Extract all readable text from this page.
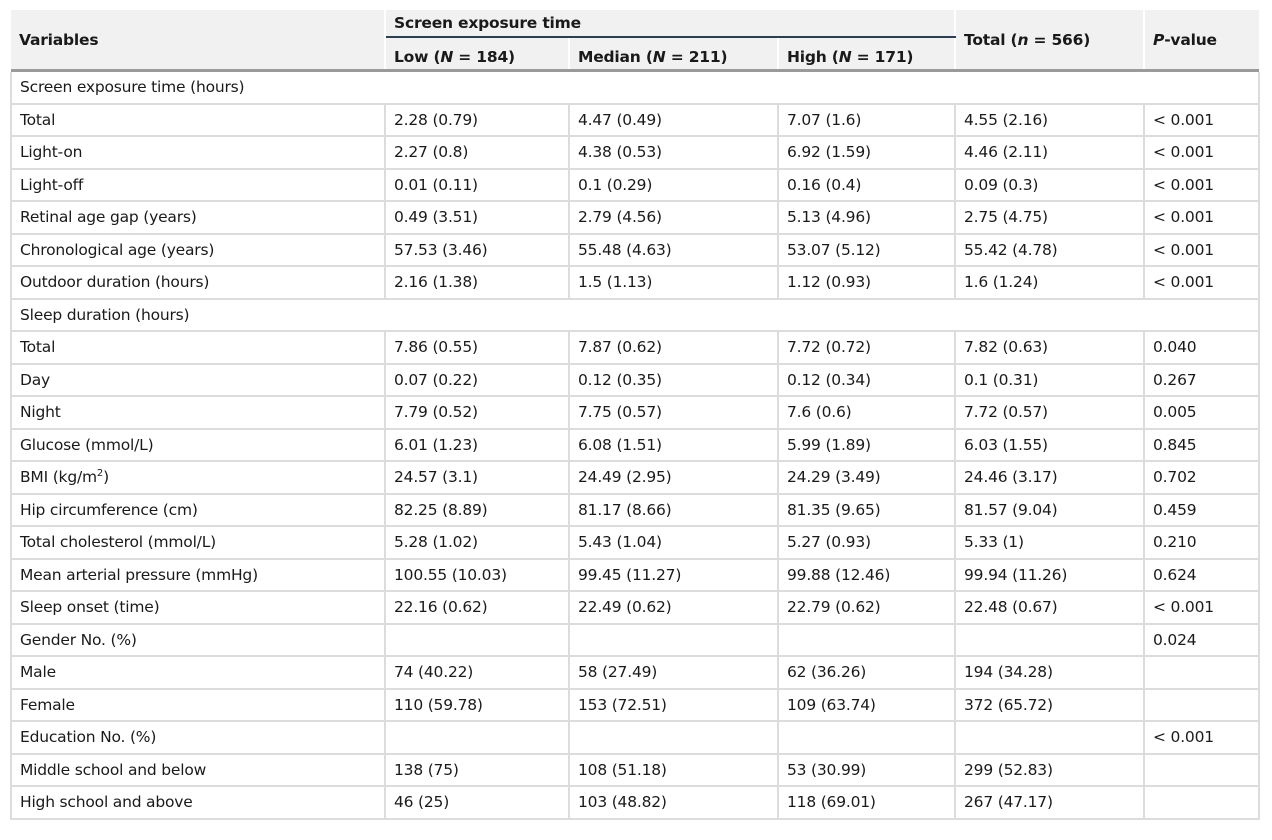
Variables	Screen exposure time			Total (n = 566)	P-value
	Low (N = 184)	Median (N = 211)	High (N = 171)		

Screen exposure time (hours)					
Total	2.28 (0.79)	4.47 (0.49)	7.07 (1.6)	4.55 (2.16)	< 0.001
Light-on	2.27 (0.8)	4.38 (0.53)	6.92 (1.59)	4.46 (2.11)	< 0.001
Light-off	0.01 (0.11)	0.1 (0.29)	0.16 (0.4)	0.09 (0.3)	< 0.001
Retinal age gap (years)	0.49 (3.51)	2.79 (4.56)	5.13 (4.96)	2.75 (4.75)	< 0.001
Chronological age (years)	57.53 (3.46)	55.48 (4.63)	53.07 (5.12)	55.42 (4.78)	< 0.001
Outdoor duration (hours)	2.16 (1.38)	1.5 (1.13)	1.12 (0.93)	1.6 (1.24)	< 0.001
Sleep duration (hours)					
Total	7.86 (0.55)	7.87 (0.62)	7.72 (0.72)	7.82 (0.63)	0.040
Day	0.07 (0.22)	0.12 (0.35)	0.12 (0.34)	0.1 (0.31)	0.267
Night	7.79 (0.52)	7.75 (0.57)	7.6 (0.6)	7.72 (0.57)	0.005
Glucose (mmol/L)	6.01 (1.23)	6.08 (1.51)	5.99 (1.89)	6.03 (1.55)	0.845
BMI $(kg/m^2)$	24.57 (3.1)	24.49 (2.95)	24.29 (3.49)	24.46 (3.17)	0.702
Hip circumference (cm)	82.25 (8.89)	81.17 (8.66)	81.35 (9.65)	81.57 (9.04)	0.459
Total cholesterol (mmol/L)	5.28 (1.02)	5.43 (1.04)	5.27 (0.93)	5.33 (1)	0.210
Mean arterial pressure (mmHg)	100.55 (10.03)	99.45 (11.27)	99.88 (12.46)	99.94 (11.26)	0.624
Sleep onset (time)	22.16 (0.62)	22.49 (0.62)	22.79 (0.62)	22.48 (0.67)	< 0.001
Gender No. (%)					0.024
Male	74 (40.22)	58 (27.49)	62 (36.26)	194 (34.28)	
Female	110 (59.78)	153 (72.51)	109 (63.74)	372 (65.72)	
Education No. (%)					< 0.001
Middle school and below	138 (75)	108 (51.18)	53 (30.99)	299 (52.83)	
High school and above	46 (25)	103 (48.82)	118 (69.01)	267 (47.17)	
